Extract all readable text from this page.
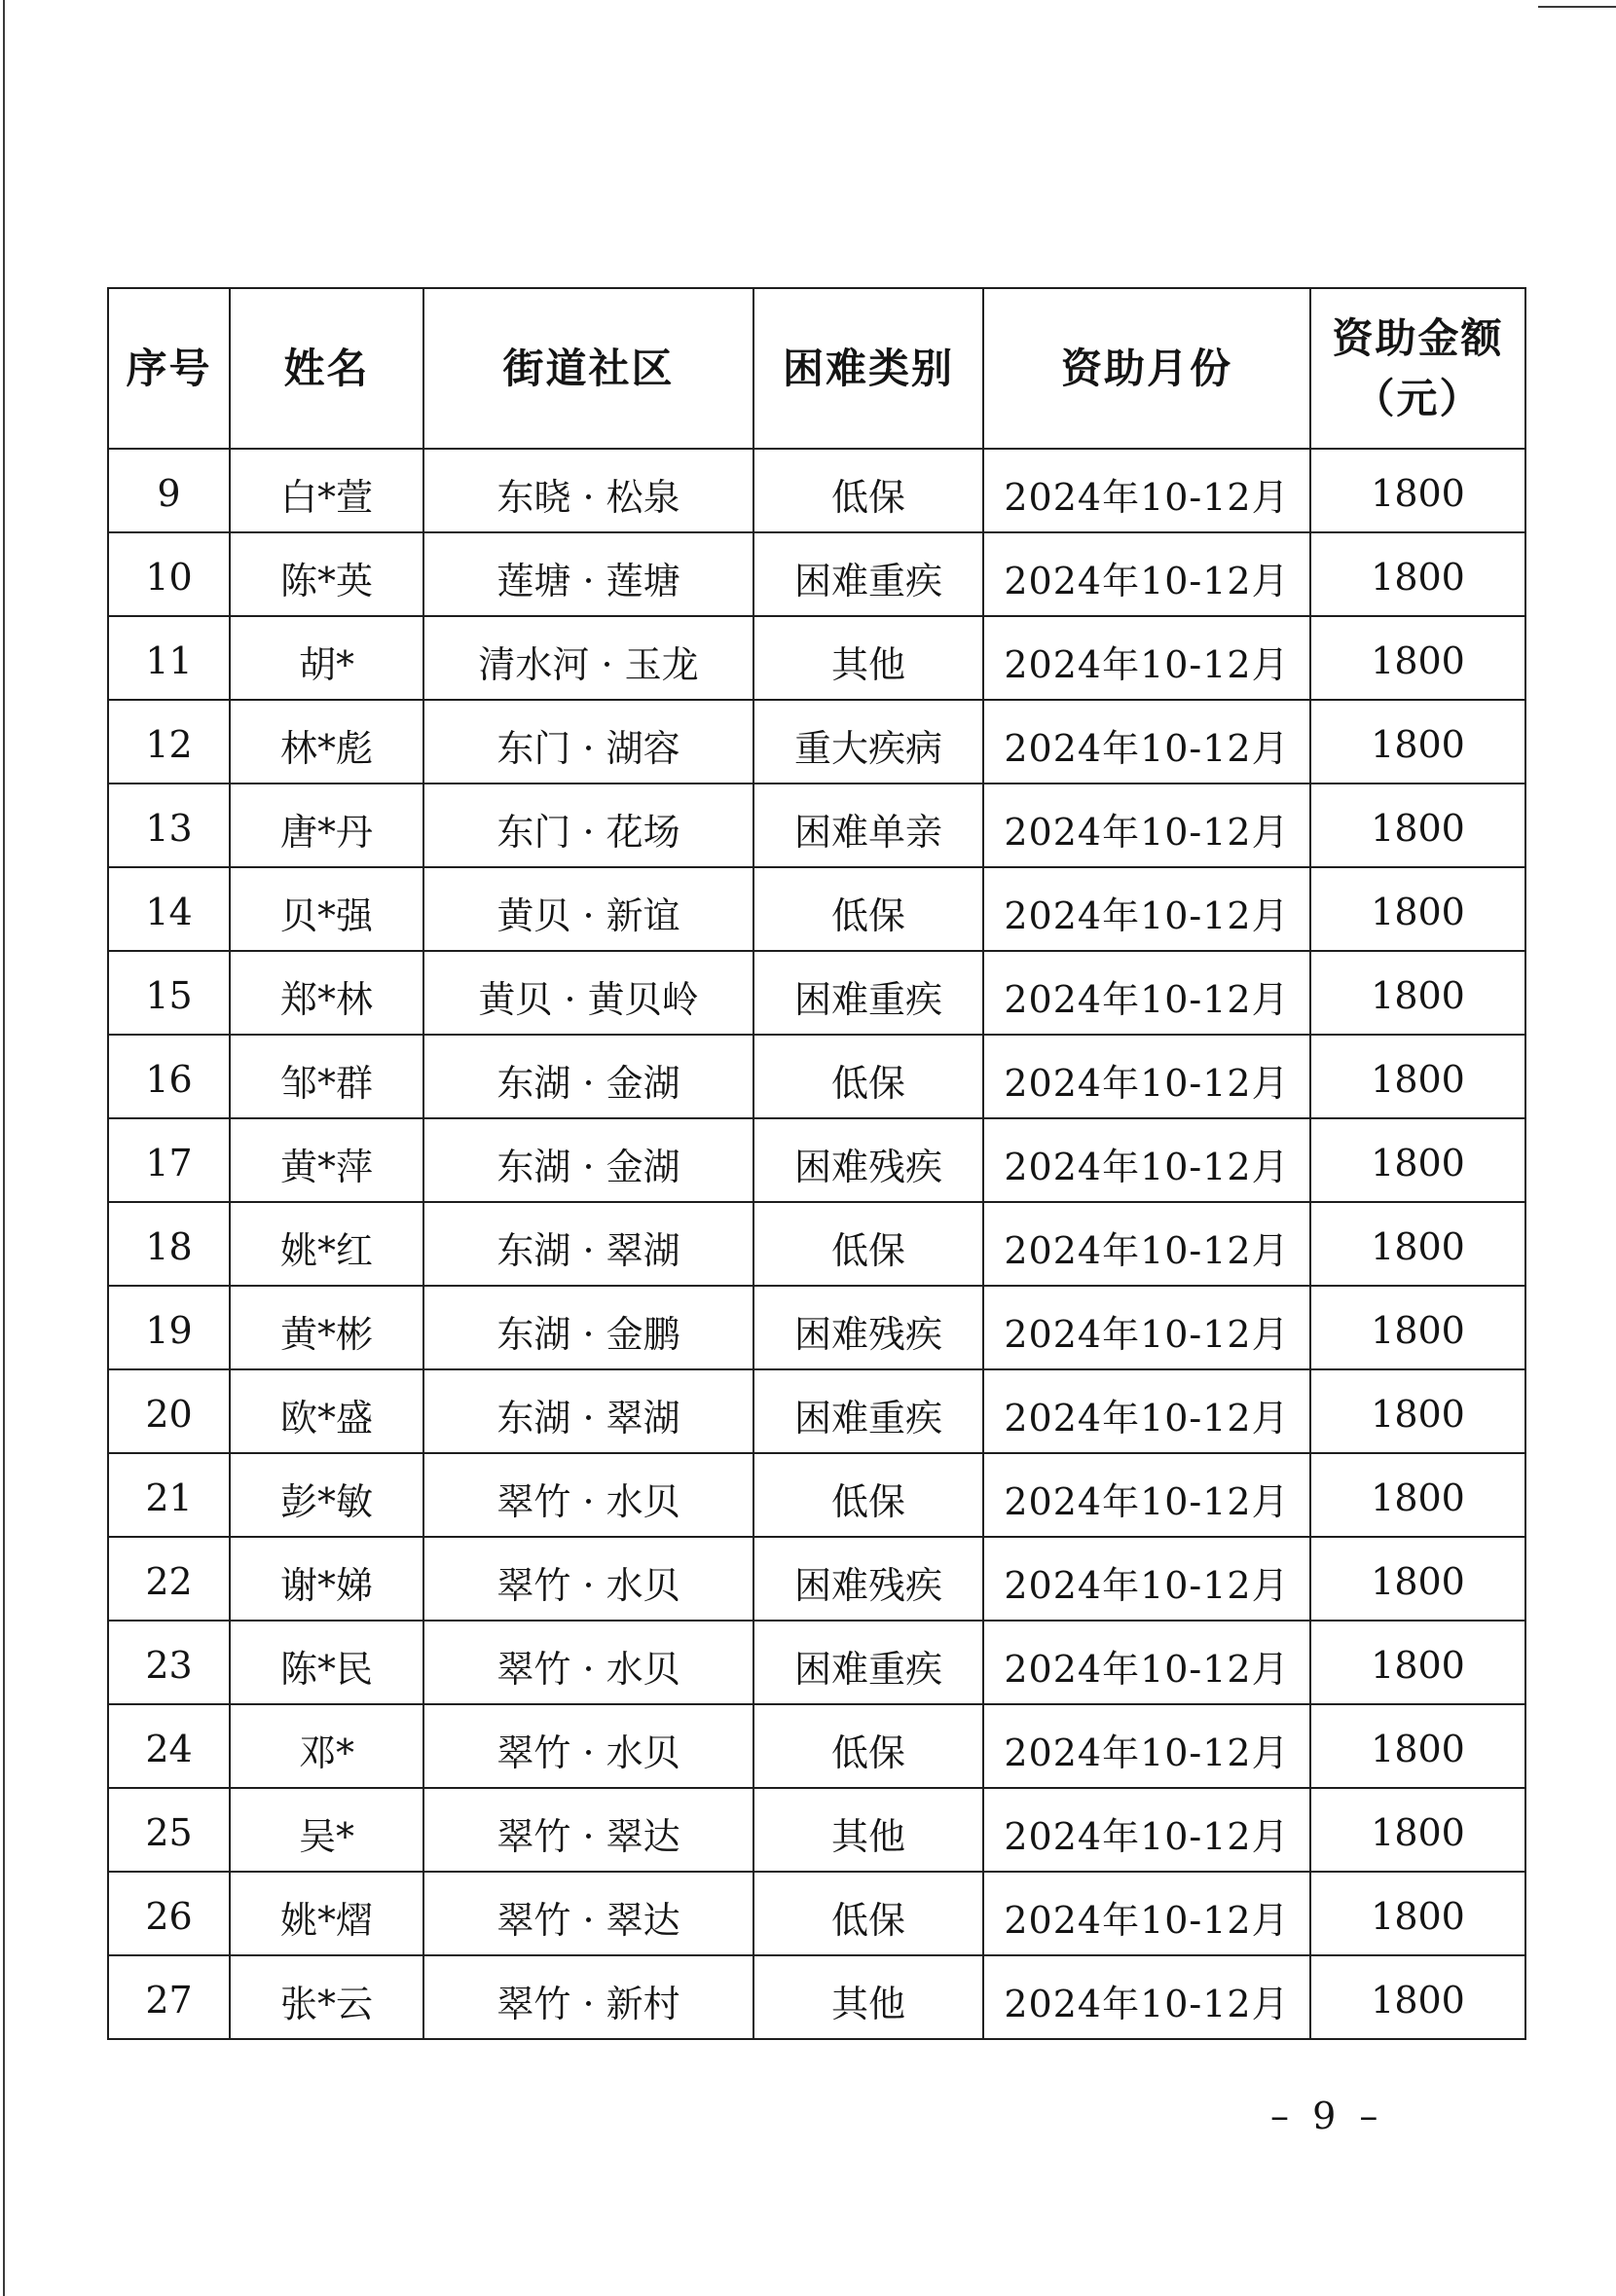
序号	姓名	街道社区	困难类别	资助月份	资助金额
（元）

9	白*萱	东晓 · 松泉	低保	2024年10-12月	1800
10	陈*英	莲塘 · 莲塘	困难重疾	2024年10-12月	1800
11	胡*	清水河 · 玉龙	其他	2024年10-12月	1800
12	林*彪	东门 · 湖容	重大疾病	2024年10-12月	1800
13	唐*丹	东门 · 花场	困难单亲	2024年10-12月	1800
14	贝*强	黄贝 · 新谊	低保	2024年10-12月	1800
15	郑*林	黄贝 · 黄贝岭	困难重疾	2024年10-12月	1800
16	邹*群	东湖 · 金湖	低保	2024年10-12月	1800
17	黄*萍	东湖 · 金湖	困难残疾	2024年10-12月	1800
18	姚*红	东湖 · 翠湖	低保	2024年10-12月	1800
19	黄*彬	东湖 · 金鹏	困难残疾	2024年10-12月	1800
20	欧*盛	东湖 · 翠湖	困难重疾	2024年10-12月	1800
21	彭*敏	翠竹 · 水贝	低保	2024年10-12月	1800
22	谢*娣	翠竹 · 水贝	困难残疾	2024年10-12月	1800
23	陈*民	翠竹 · 水贝	困难重疾	2024年10-12月	1800
24	邓*	翠竹 · 水贝	低保	2024年10-12月	1800
25	吴*	翠竹 · 翠达	其他	2024年10-12月	1800
26	姚*熠	翠竹 · 翠达	低保	2024年10-12月	1800
27	张*云	翠竹 · 新村	其他	2024年10-12月	1800
– 9 –
